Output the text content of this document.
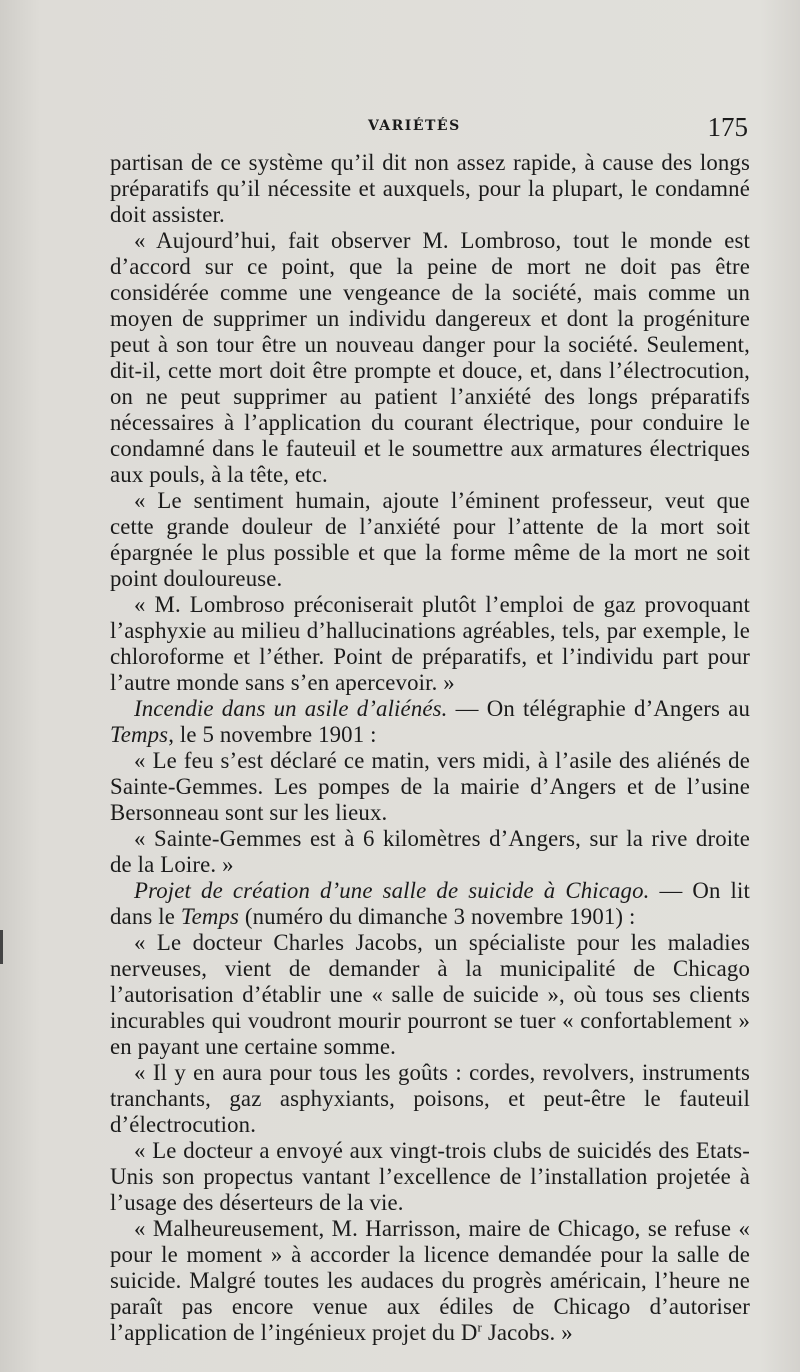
VARIÉTÉS	175

partisan de ce système qu’il dit non assez rapide, à cause des longs préparatifs qu’il nécessite et auxquels, pour la plupart, le condamné doit assister.

« Aujourd’hui, fait observer M. Lombroso, tout le monde est d’accord sur ce point, que la peine de mort ne doit pas être considérée comme une vengeance de la société, mais comme un moyen de supprimer un individu dangereux et dont la progéniture peut à son tour être un nouveau danger pour la société. Seulement, dit-il, cette mort doit être prompte et douce, et, dans l’électrocution, on ne peut supprimer au patient l’anxiété des longs préparatifs nécessaires à l’application du courant électrique, pour conduire le condamné dans le fauteuil et le soumettre aux armatures électriques aux pouls, à la tête, etc.

« Le sentiment humain, ajoute l’éminent professeur, veut que cette grande douleur de l’anxiété pour l’attente de la mort soit épargnée le plus possible et que la forme même de la mort ne soit point douloureuse.

« M. Lombroso préconiserait plutôt l’emploi de gaz provoquant l’asphyxie au milieu d’hallucinations agréables, tels, par exemple, le chloroforme et l’éther. Point de préparatifs, et l’individu part pour l’autre monde sans s’en apercevoir. »

Incendie dans un asile d’aliénés. — On télégraphie d’Angers au Temps, le 5 novembre 1901 :

« Le feu s’est déclaré ce matin, vers midi, à l’asile des aliénés de Sainte-Gemmes. Les pompes de la mairie d’Angers et de l’usine Bersonneau sont sur les lieux.

« Sainte-Gemmes est à 6 kilomètres d’Angers, sur la rive droite de la Loire. »

Projet de création d’une salle de suicide à Chicago. — On lit dans le Temps (numéro du dimanche 3 novembre 1901) :

« Le docteur Charles Jacobs, un spécialiste pour les maladies nerveuses, vient de demander à la municipalité de Chicago l’autorisation d’établir une « salle de suicide », où tous ses clients incurables qui voudront mourir pourront se tuer « confortablement » en payant une certaine somme.

« Il y en aura pour tous les goûts : cordes, revolvers, instruments tranchants, gaz asphyxiants, poisons, et peut-être le fauteuil d’électrocution.

« Le docteur a envoyé aux vingt-trois clubs de suicidés des Etats-Unis son propectus vantant l’excellence de l’installation projetée à l’usage des déserteurs de la vie.

« Malheureusement, M. Harrisson, maire de Chicago, se refuse « pour le moment » à accorder la licence demandée pour la salle de suicide. Malgré toutes les audaces du progrès américain, l’heure ne paraît pas encore venue aux édiles de Chicago d’autoriser l’application de l’ingénieux projet du $D^r$ Jacobs. »
